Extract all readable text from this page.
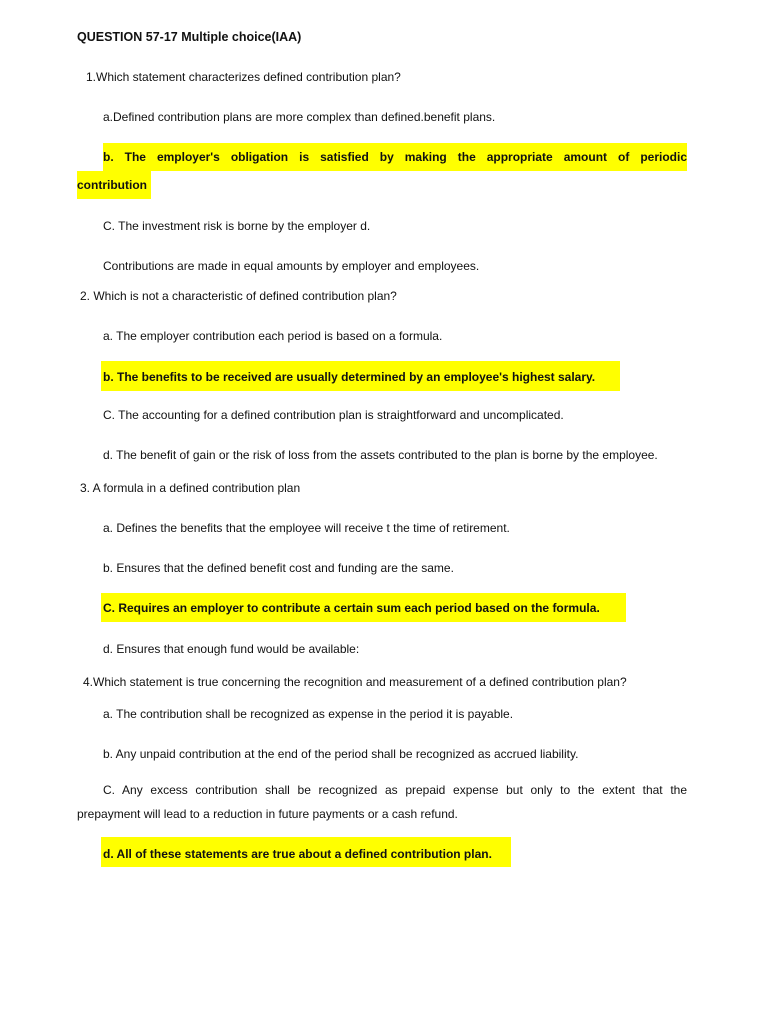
QUESTION 57-17 Multiple choice(IAA)
1.Which statement characterizes defined contribution plan?
a.Defined contribution plans are more complex than defined.benefit plans.
b. The employer's obligation is satisfied by making the appropriate amount of periodic
contribution
C. The investment risk is borne by the employer d.
Contributions are made in equal amounts by employer and employees.
2. Which is not a characteristic of defined contribution plan?
a. The employer contribution each period is based on a formula.
b. The benefits to be received are usually determined by an employee's highest salary.
C. The accounting for a defined contribution plan is straightforward and uncomplicated.
d. The benefit of gain or the risk of loss from the assets contributed to the plan is borne by the employee.
3. A formula in a defined contribution plan
a. Defines the benefits that the employee will receive t the time of retirement.
b. Ensures that the defined benefit cost and funding are the same.
C. Requires an employer to contribute a certain sum each period based on the formula.
d. Ensures that enough fund would be available:
4.Which statement is true concerning the recognition and measurement of a defined contribution plan?
a. The contribution shall be recognized as expense in the period it is payable.
b. Any unpaid contribution at the end of the period shall be recognized as accrued liability.
C. Any excess contribution shall be recognized as prepaid expense but only to the extent that the
prepayment will lead to a reduction in future payments or a cash refund.
d. All of these statements are true about a defined contribution plan.
